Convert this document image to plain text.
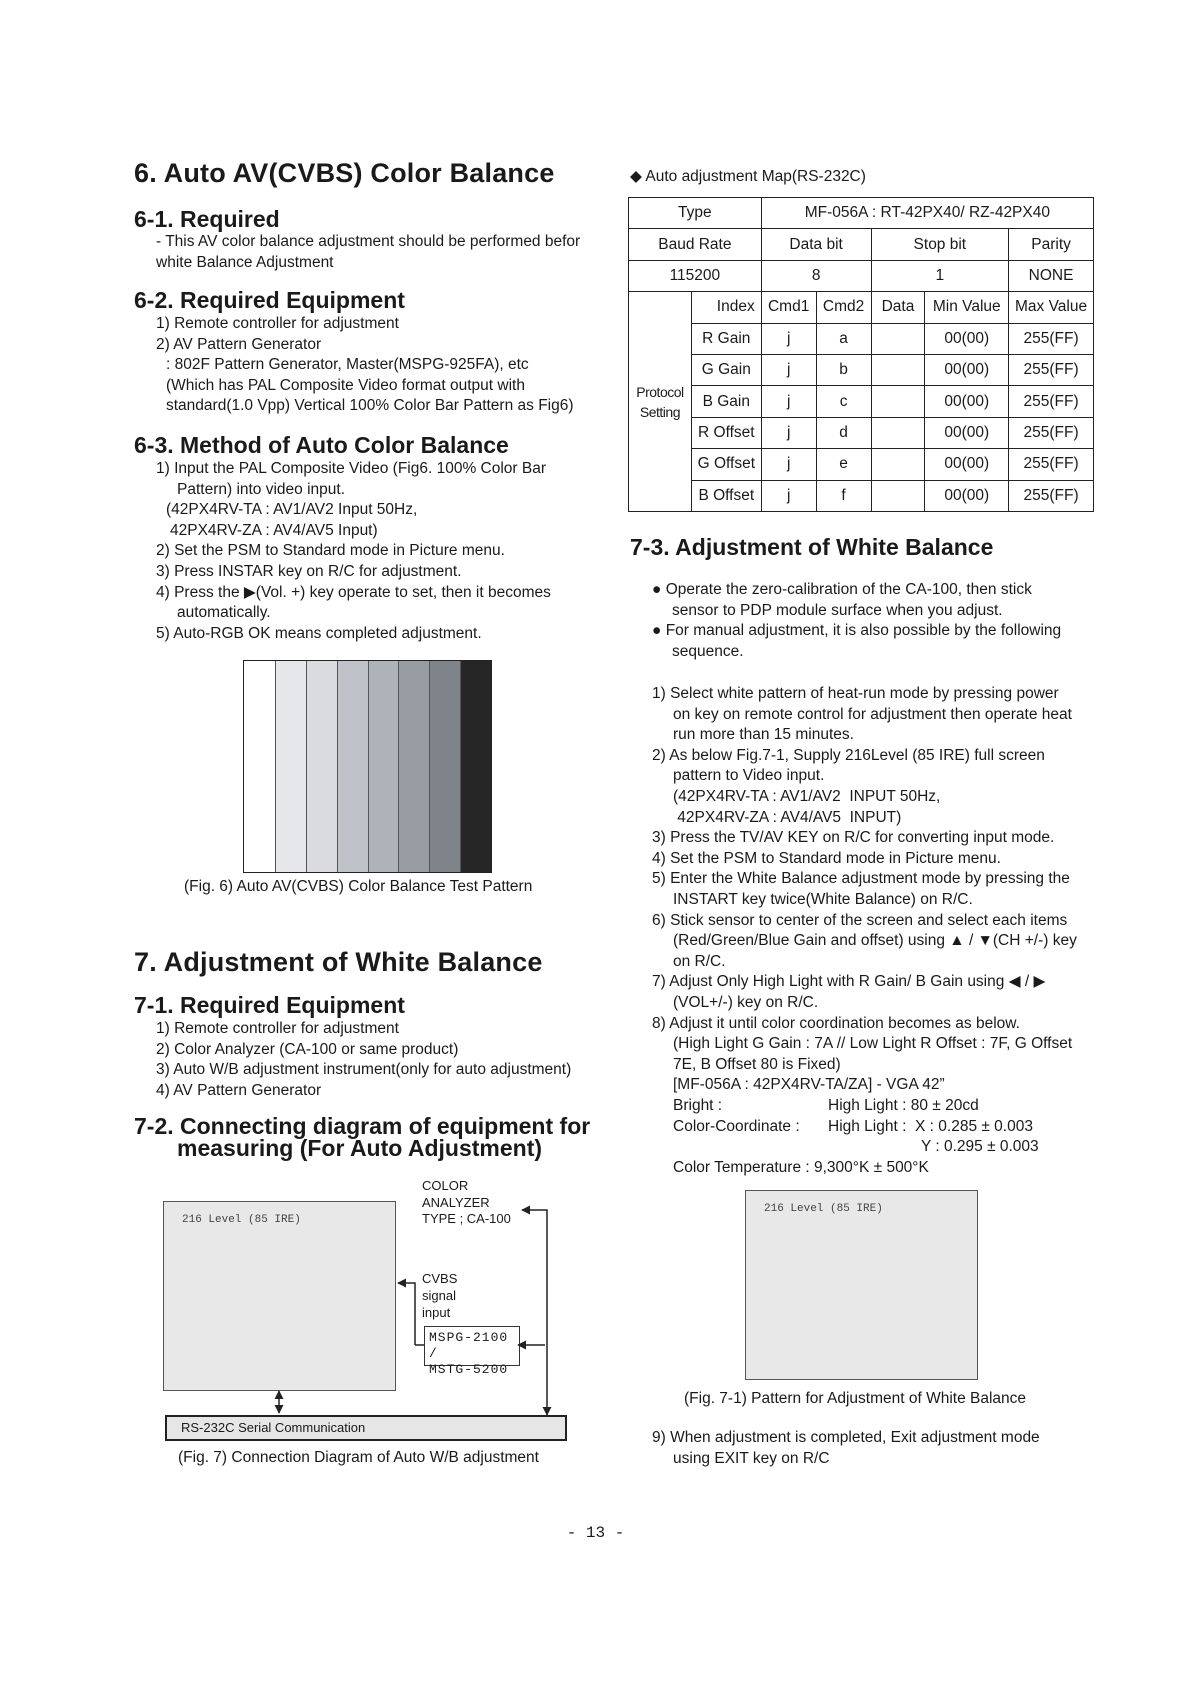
6. Auto AV(CVBS) Color Balance
6-1. Required
- This AV color balance adjustment should be performed befor
white Balance Adjustment
6-2. Required Equipment
1) Remote controller for adjustment
2) AV Pattern Generator
: 802F Pattern Generator, Master(MSPG-925FA), etc
(Which has PAL Composite Video format output with
standard(1.0 Vpp) Vertical 100% Color Bar Pattern as Fig6)
6-3. Method of Auto Color Balance
1) Input the PAL Composite Video (Fig6. 100% Color Bar
Pattern) into video input.
(42PX4RV-TA : AV1/AV2 Input 50Hz,
42PX4RV-ZA : AV4/AV5 Input)
2) Set the PSM to Standard mode in Picture menu.
3) Press INSTAR key on R/C for adjustment.
4) Press the ▶(Vol. +) key operate to set, then it becomes
automatically.
5) Auto-RGB OK means completed adjustment.
(Fig. 6) Auto AV(CVBS) Color Balance Test Pattern
7. Adjustment of White Balance
7-1. Required Equipment
1) Remote controller for adjustment
2) Color Analyzer (CA-100 or same product)
3) Auto W/B adjustment instrument(only for auto adjustment)
4) AV Pattern Generator
7-2. Connecting diagram of equipment for
measuring (For Auto Adjustment)
216 Level (85 IRE)
COLOR
ANALYZER
TYPE ; CA-100
CVBS
signal
input
MSPG-2100 /
MSTG-5200
RS-232C Serial Communication
(Fig. 7) Connection Diagram of Auto W/B adjustment
◆ Auto adjustment Map(RS-232C)
Type		MF-056A : RT-42PX40/ RZ-42PX40				
Baud Rate		Data bit		Stop bit		Parity
115200		8		1		NONE

Protocol
Setting	Index	Cmd1	Cmd2	Data	Min Value	Max Value
	R Gain	j	a		00(00)	255(FF)
	G Gain	j	b		00(00)	255(FF)
	B Gain	j	c		00(00)	255(FF)
	R Offset	j	d		00(00)	255(FF)
	G Offset	j	e		00(00)	255(FF)
	B Offset	j	f		00(00)	255(FF)
7-3. Adjustment of White Balance
● Operate the zero-calibration of the CA-100, then stick
sensor to PDP module surface when you adjust.
● For manual adjustment, it is also possible by the following
sequence.
1) Select white pattern of heat-run mode by pressing power
on key on remote control for adjustment then operate heat
run more than 15 minutes.
2) As below Fig.7-1, Supply 216Level (85 IRE) full screen
pattern to Video input.
(42PX4RV-TA : AV1/AV2  INPUT 50Hz,
42PX4RV-ZA : AV4/AV5  INPUT)
3) Press the TV/AV KEY on R/C for converting input mode.
4) Set the PSM to Standard mode in Picture menu.
5) Enter the White Balance adjustment mode by pressing the
INSTART key twice(White Balance) on R/C.
6) Stick sensor to center of the screen and select each items
(Red/Green/Blue Gain and offset) using ▲ / ▼(CH +/-) key
on R/C.
7) Adjust Only High Light with R Gain/ B Gain using ◀ / ▶
(VOL+/-) key on R/C.
8) Adjust it until color coordination becomes as below.
(High Light G Gain : 7A // Low Light R Offset : 7F, G Offset
7E, B Offset 80 is Fixed)
[MF-056A : 42PX4RV-TA/ZA] - VGA 42”
Bright :	High Light : 80 ± 20cd
Color-Coordinate : High Light :  X : 0.285 ± 0.003
Y : 0.295 ± 0.003
Color Temperature : 9,300°K ± 500°K
216 Level (85 IRE)
(Fig. 7-1) Pattern for Adjustment of White Balance
9) When adjustment is completed, Exit adjustment mode
using EXIT key on R/C
- 13 -
